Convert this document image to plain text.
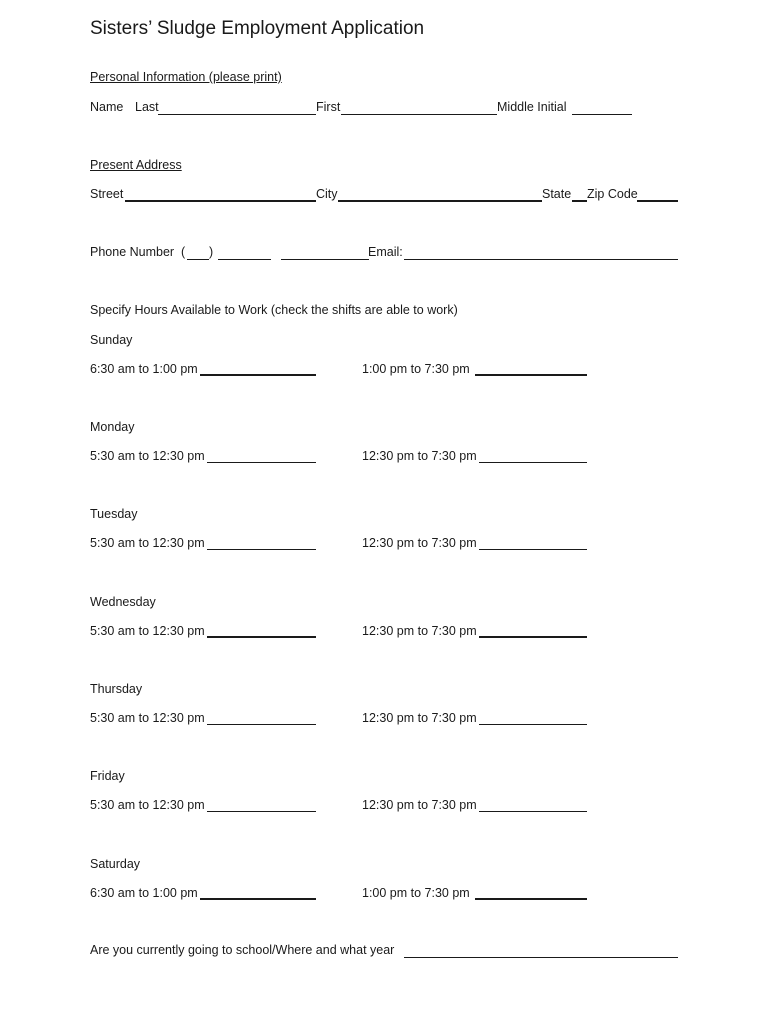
Sisters’ Sludge Employment Application
Personal Information (please print)
Name Last	First	Middle Initial
Present Address
Street	City	State Zip Code
Phone Number ( )	Email:
Specify Hours Available to Work (check the shifts are able to work)
Sunday
6:30 am to 1:00 pm	1:00 pm to 7:30 pm
Monday
5:30 am to 12:30 pm	12:30 pm to 7:30 pm
Tuesday
5:30 am to 12:30 pm	12:30 pm to 7:30 pm
Wednesday
5:30 am to 12:30 pm	12:30 pm to 7:30 pm
Thursday
5:30 am to 12:30 pm	12:30 pm to 7:30 pm
Friday
5:30 am to 12:30 pm	12:30 pm to 7:30 pm
Saturday
6:30 am to 1:00 pm	1:00 pm to 7:30 pm
Are you currently going to school/Where and what year
